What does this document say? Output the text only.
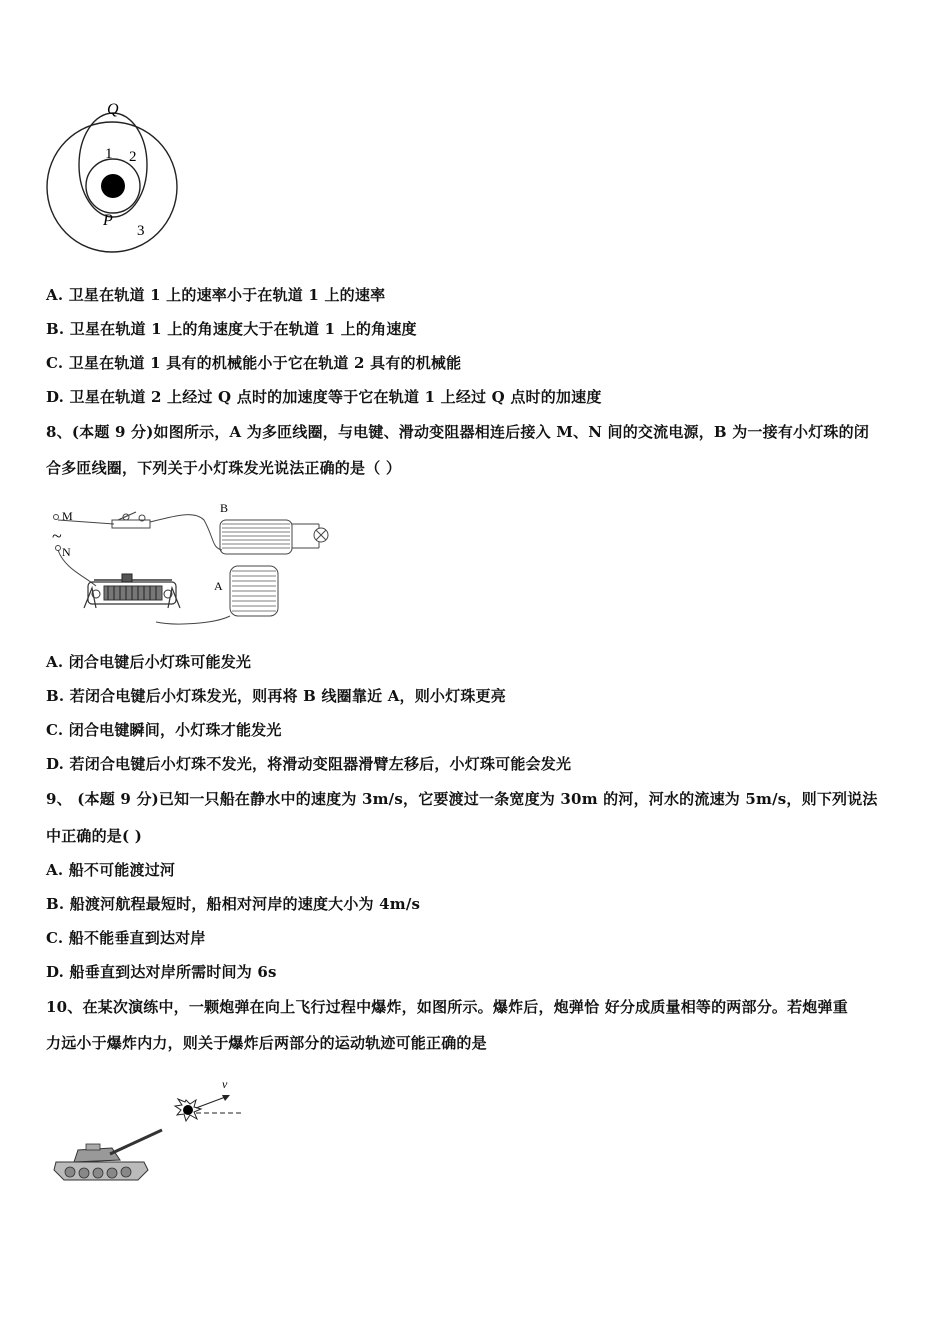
Q
1 2
P
3
A. 卫星在轨道 1 上的速率小于在轨道 1 上的速率
B. 卫星在轨道 1 上的角速度大于在轨道 1 上的角速度
C. 卫星在轨道 1 具有的机械能小于它在轨道 2 具有的机械能
D. 卫星在轨道 2 上经过 Q 点时的加速度等于它在轨道 1 上经过 Q 点时的加速度
8、(本题 9 分)如图所示，A 为多匝线圈，与电键、滑动变阻器相连后接入 M、N 间的交流电源，B 为一接有小灯珠的闭
合多匝线圈，下列关于小灯珠发光说法正确的是（ ）
M
~
N
B
A
A. 闭合电键后小灯珠可能发光
B. 若闭合电键后小灯珠发光，则再将 B 线圈靠近 A，则小灯珠更亮
C. 闭合电键瞬间，小灯珠才能发光
D. 若闭合电键后小灯珠不发光，将滑动变阻器滑臂左移后，小灯珠可能会发光
9、 (本题 9 分)已知一只船在静水中的速度为 3m/s，它要渡过一条宽度为 30m 的河，河水的流速为 5m/s，则下列说法
中正确的是( )
A. 船不可能渡过河
B. 船渡河航程最短时，船相对河岸的速度大小为 4m/s
C. 船不能垂直到达对岸
D. 船垂直到达对岸所需时间为 6s
10、在某次演练中，一颗炮弹在向上飞行过程中爆炸，如图所示。爆炸后，炮弹恰 好分成质量相等的两部分。若炮弹重
力远小于爆炸内力，则关于爆炸后两部分的运动轨迹可能正确的是
v
